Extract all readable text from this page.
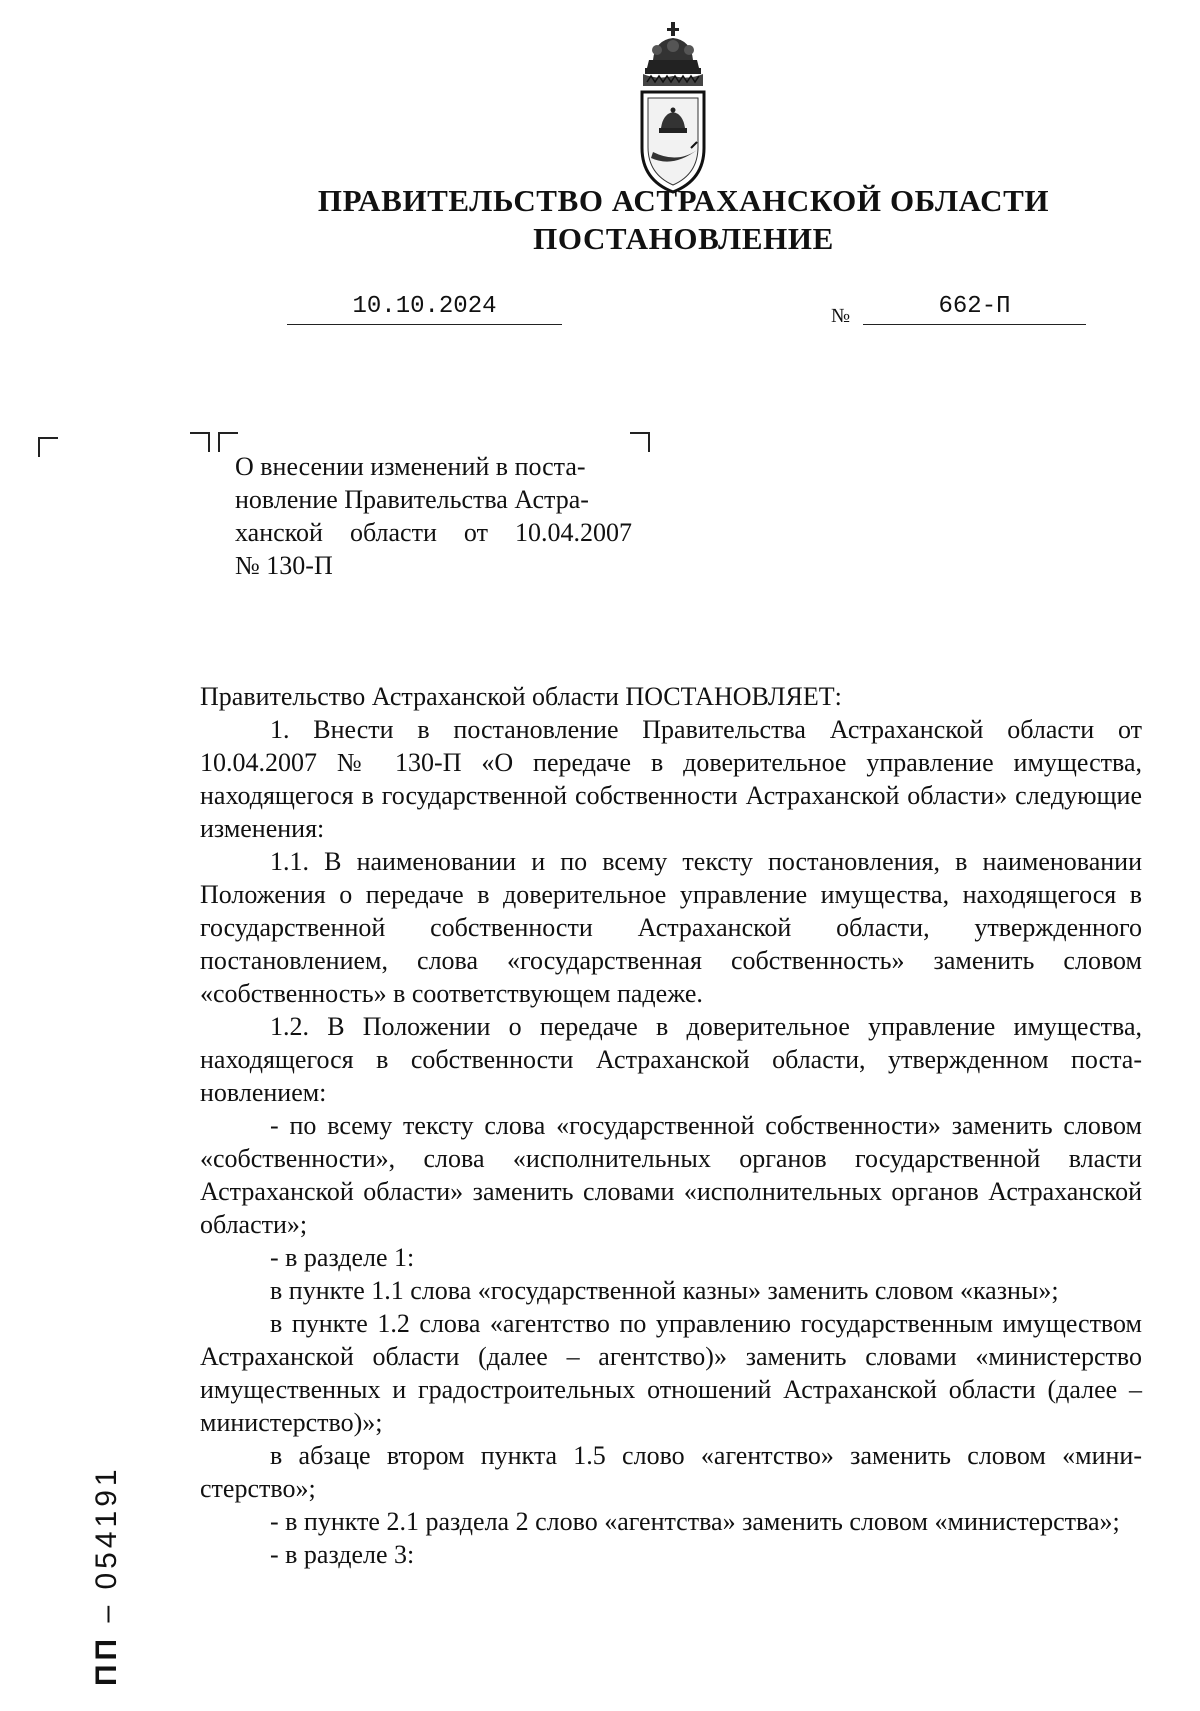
ПРАВИТЕЛЬСТВО АСТРАХАНСКОЙ ОБЛАСТИ
ПОСТАНОВЛЕНИЕ
10.10.2024	№	662-П
О внесении изменений в поста-
новление Правительства Астра-
ханской области от 10.04.2007
№ 130-П

Правительство Астраханской области ПОСТАНОВЛЯЕТ:

1. Внести в постановление Правительства Астраханской области от 10.04.2007 № 130-П «О передаче в доверительное управление имущества, находящегося в государственной собственности Астраханской области» следующие изменения:

1.1. В наименовании и по всему тексту постановления, в наименовании Положения о передаче в доверительное управление имущества, находящегося в государственной собственности Астраханской области, утвержденного постановлением, слова «государственная собственность» заменить словом «собственность» в соответствующем падеже.

1.2. В Положении о передаче в доверительное управление имущества, находящегося в собственности Астраханской области, утвержденном постановлением:

- по всему тексту слова «государственной собственности» заменить словом «собственности», слова «исполнительных органов государственной власти Астраханской области» заменить словами «исполнительных органов Астраханской области»;

- в разделе 1:

в пункте 1.1 слова «государственной казны» заменить словом «казны»;

в пункте 1.2 слова «агентство по управлению государственным имуществом Астраханской области (далее – агентство)» заменить словами «министерство имущественных и градостроительных отношений Астраханской области (далее – министерство)»;

в абзаце втором пункта 1.5 слово «агентство» заменить словом «министерство»;

- в пункте 2.1 раздела 2 слово «агентства» заменить словом «министерства»;

- в разделе 3:

ПП – 054191
